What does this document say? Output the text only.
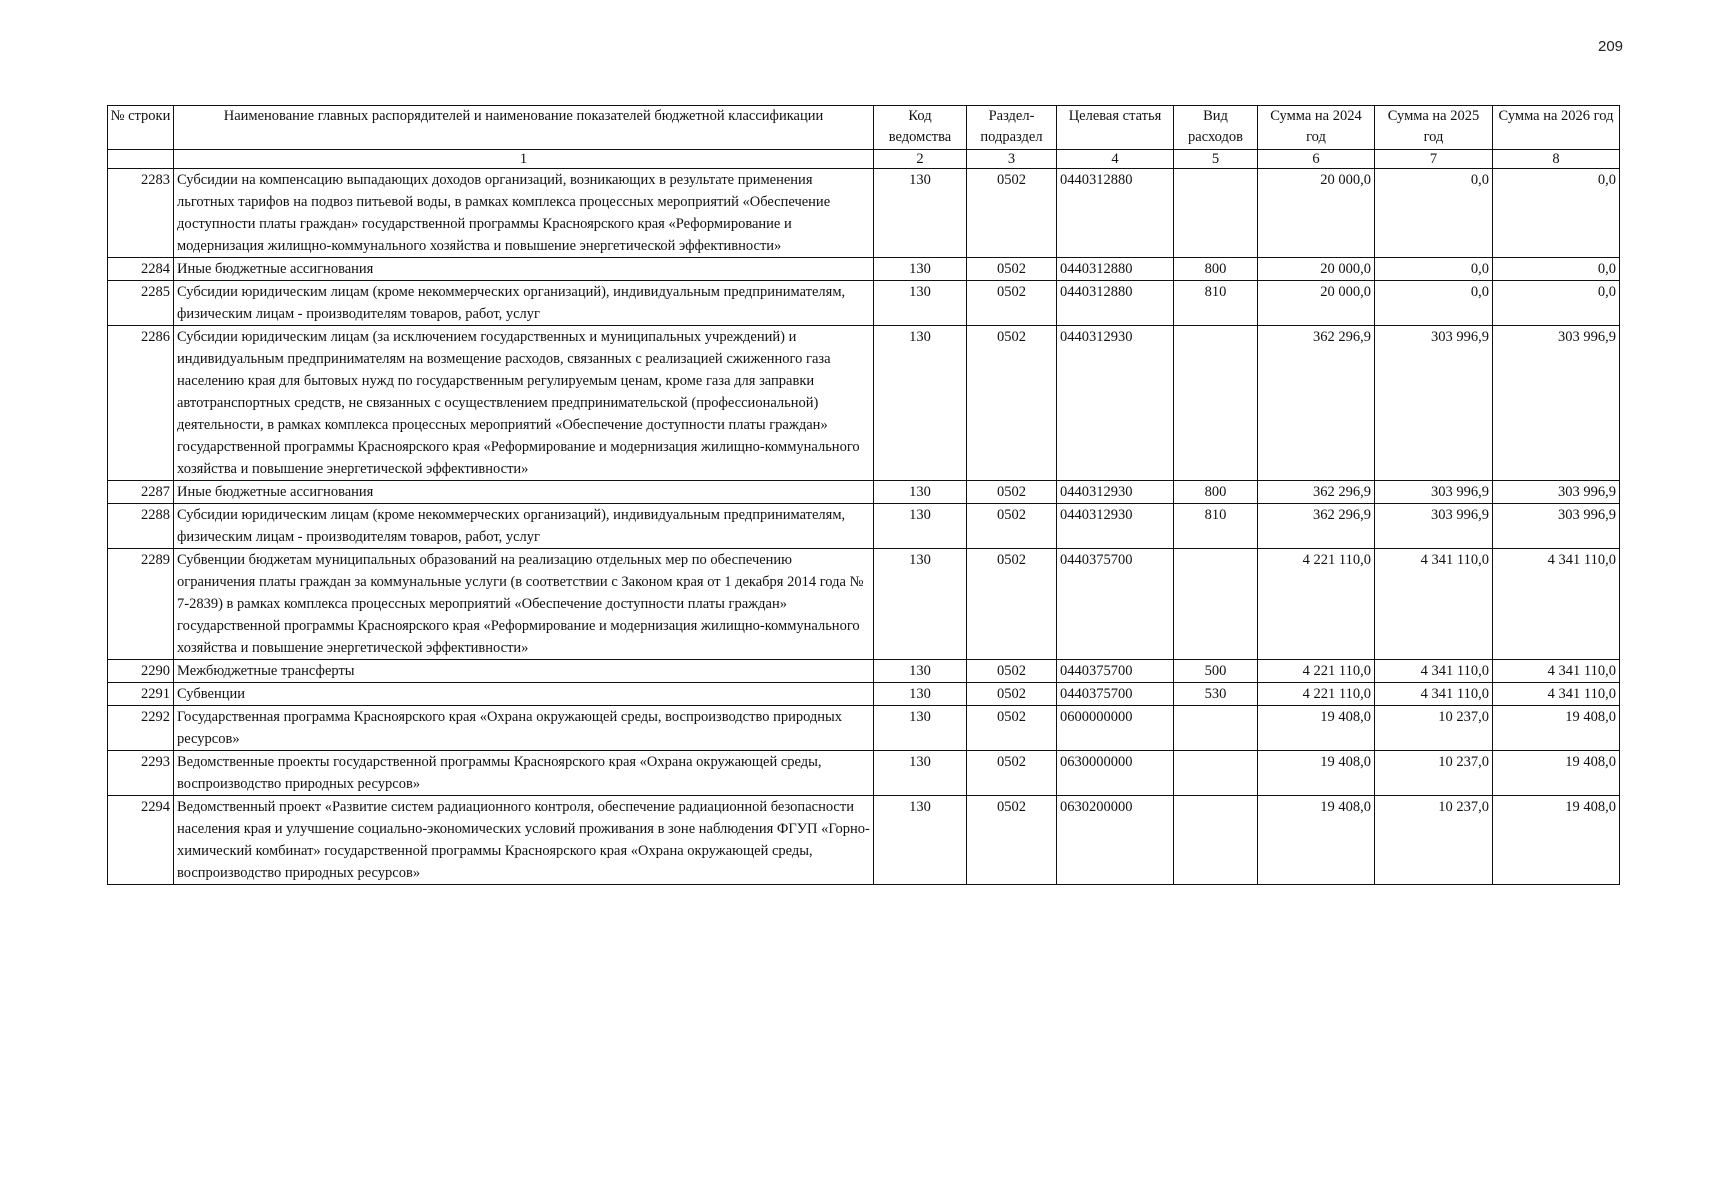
209
№ строки	Наименование главных распорядителей и наименование показателей бюджетной классификации	Код ведомства	Раздел-подраздел	Целевая статья	Вид расходов	Сумма на 2024 год	Сумма на 2025 год	Сумма на 2026 год
	1	2	3	4	5	6	7	8
2283	Субсидии на компенсацию выпадающих доходов организаций, возникающих в результате применения льготных тарифов на подвоз питьевой воды, в рамках комплекса процессных мероприятий «Обеспечение доступности платы граждан» государственной программы Красноярского края «Реформирование и модернизация жилищно-коммунального хозяйства и повышение энергетической эффективности»	130	0502	0440312880		20 000,0	0,0	0,0
2284	Иные бюджетные ассигнования	130	0502	0440312880	800	20 000,0	0,0	0,0
2285	Субсидии юридическим лицам (кроме некоммерческих организаций), индивидуальным предпринимателям, физическим лицам - производителям товаров, работ, услуг	130	0502	0440312880	810	20 000,0	0,0	0,0
2286	Субсидии юридическим лицам (за исключением государственных и муниципальных учреждений) и индивидуальным предпринимателям на возмещение расходов, связанных с реализацией сжиженного газа населению края для бытовых нужд по государственным регулируемым ценам, кроме газа для заправки автотранспортных средств, не связанных с осуществлением предпринимательской (профессиональной) деятельности, в рамках комплекса процессных мероприятий «Обеспечение доступности платы граждан» государственной программы Красноярского края «Реформирование и модернизация жилищно-коммунального хозяйства и повышение энергетической эффективности»	130	0502	0440312930		362 296,9	303 996,9	303 996,9
2287	Иные бюджетные ассигнования	130	0502	0440312930	800	362 296,9	303 996,9	303 996,9
2288	Субсидии юридическим лицам (кроме некоммерческих организаций), индивидуальным предпринимателям, физическим лицам - производителям товаров, работ, услуг	130	0502	0440312930	810	362 296,9	303 996,9	303 996,9
2289	Субвенции бюджетам муниципальных образований на реализацию отдельных мер по обеспечению ограничения платы граждан за коммунальные услуги (в соответствии с Законом края от 1 декабря 2014 года № 7-2839) в рамках комплекса процессных мероприятий «Обеспечение доступности платы граждан» государственной программы Красноярского края «Реформирование и модернизация жилищно-коммунального хозяйства и повышение энергетической эффективности»	130	0502	0440375700		4 221 110,0	4 341 110,0	4 341 110,0
2290	Межбюджетные трансферты	130	0502	0440375700	500	4 221 110,0	4 341 110,0	4 341 110,0
2291	Субвенции	130	0502	0440375700	530	4 221 110,0	4 341 110,0	4 341 110,0
2292	Государственная программа Красноярского края «Охрана окружающей среды, воспроизводство природных ресурсов»	130	0502	0600000000		19 408,0	10 237,0	19 408,0
2293	Ведомственные проекты государственной программы Красноярского края «Охрана окружающей среды, воспроизводство природных ресурсов»	130	0502	0630000000		19 408,0	10 237,0	19 408,0
2294	Ведомственный проект «Развитие систем радиационного контроля, обеспечение радиационной безопасности населения края и улучшение социально-экономических условий проживания в зоне наблюдения ФГУП «Горно-химический комбинат» государственной программы Красноярского края «Охрана окружающей среды, воспроизводство природных ресурсов»	130	0502	0630200000		19 408,0	10 237,0	19 408,0
